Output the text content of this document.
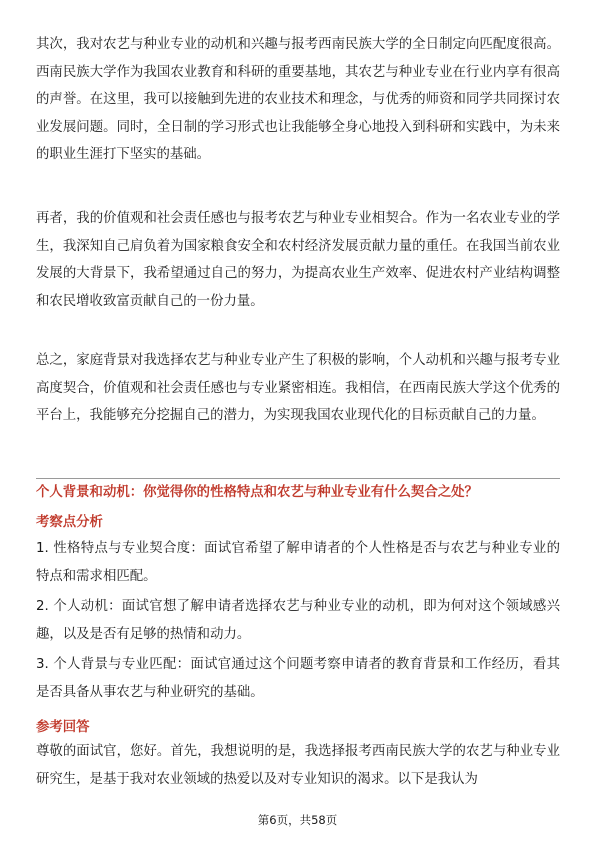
其次，我对农艺与种业专业的动机和兴趣与报考西南民族大学的全日制定向匹配度很高。西南民族大学作为我国农业教育和科研的重要基地，其农艺与种业专业在行业内享有很高的声誉。在这里，我可以接触到先进的农业技术和理念，与优秀的师资和同学共同探讨农业发展问题。同时，全日制的学习形式也让我能够全身心地投入到科研和实践中，为未来的职业生涯打下坚实的基础。

再者，我的价值观和社会责任感也与报考农艺与种业专业相契合。作为一名农业专业的学生，我深知自己肩负着为国家粮食安全和农村经济发展贡献力量的重任。在我国当前农业发展的大背景下，我希望通过自己的努力，为提高农业生产效率、促进农村产业结构调整和农民增收致富贡献自己的一份力量。

总之，家庭背景对我选择农艺与种业专业产生了积极的影响，个人动机和兴趣与报考专业高度契合，价值观和社会责任感也与专业紧密相连。我相信，在西南民族大学这个优秀的平台上，我能够充分挖掘自己的潜力，为实现我国农业现代化的目标贡献自己的力量。

个人背景和动机：你觉得你的性格特点和农艺与种业专业有什么契合之处？

考察点分析

1. 性格特点与专业契合度：面试官希望了解申请者的个人性格是否与农艺与种业专业的特点和需求相匹配。

2. 个人动机：面试官想了解申请者选择农艺与种业专业的动机，即为何对这个领域感兴趣，以及是否有足够的热情和动力。

3. 个人背景与专业匹配：面试官通过这个问题考察申请者的教育背景和工作经历，看其是否具备从事农艺与种业研究的基础。

参考回答

尊敬的面试官，您好。首先，我想说明的是，我选择报考西南民族大学的农艺与种业专业研究生，是基于我对农业领域的热爱以及对专业知识的渴求。以下是我认为

第6页，共58页
